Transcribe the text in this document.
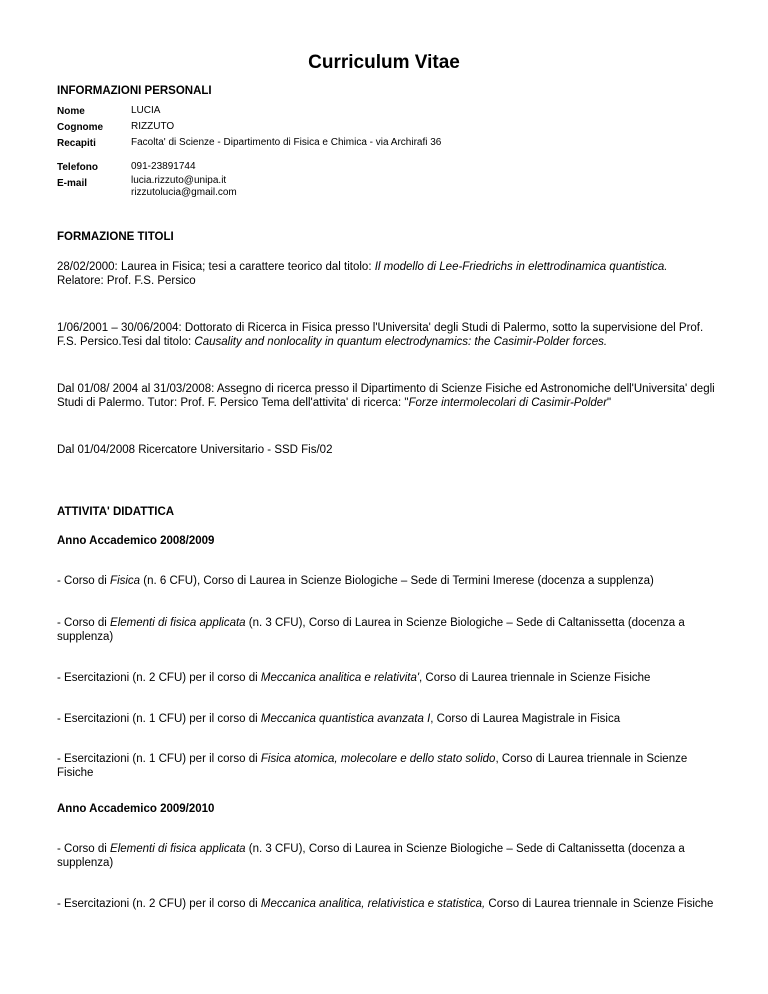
Curriculum Vitae
INFORMAZIONI PERSONALI
Nome	LUCIA
Cognome	RIZZUTO
Recapiti	Facolta' di Scienze - Dipartimento di Fisica e Chimica - via Archirafi 36
Telefono	091-23891744
E-mail	lucia.rizzuto@unipa.it
rizzutolucia@gmail.com
FORMAZIONE TITOLI
28/02/2000: Laurea in Fisica; tesi a carattere teorico dal titolo: Il modello di Lee-Friedrichs in elettrodinamica quantistica.
Relatore: Prof. F.S. Persico
1/06/2001 – 30/06/2004: Dottorato di Ricerca in Fisica presso l'Universita' degli Studi di Palermo, sotto la supervisione del Prof. F.S. Persico.Tesi dal titolo: Causality and nonlocality in quantum electrodynamics: the Casimir-Polder forces.
Dal 01/08/ 2004 al 31/03/2008: Assegno di ricerca presso il Dipartimento di Scienze Fisiche ed Astronomiche dell'Universita' degli Studi di Palermo. Tutor: Prof. F. Persico Tema dell'attivita' di ricerca: "Forze intermolecolari di Casimir-Polder"
Dal 01/04/2008 Ricercatore Universitario - SSD Fis/02
ATTIVITA' DIDATTICA
Anno Accademico 2008/2009
- Corso di Fisica (n. 6 CFU), Corso di Laurea in Scienze Biologiche – Sede di Termini Imerese (docenza a supplenza)
- Corso di Elementi di fisica applicata (n. 3 CFU), Corso di Laurea in Scienze Biologiche – Sede di Caltanissetta (docenza a supplenza)
- Esercitazioni (n. 2 CFU) per il corso di Meccanica analitica e relativita', Corso di Laurea triennale in Scienze Fisiche
- Esercitazioni (n. 1 CFU) per il corso di Meccanica quantistica avanzata I, Corso di Laurea Magistrale in Fisica
- Esercitazioni (n. 1 CFU) per il corso di Fisica atomica, molecolare e dello stato solido, Corso di Laurea triennale in Scienze Fisiche
Anno Accademico 2009/2010
- Corso di Elementi di fisica applicata (n. 3 CFU), Corso di Laurea in Scienze Biologiche – Sede di Caltanissetta (docenza a supplenza)
- Esercitazioni (n. 2 CFU) per il corso di Meccanica analitica, relativistica e statistica, Corso di Laurea triennale in Scienze Fisiche
